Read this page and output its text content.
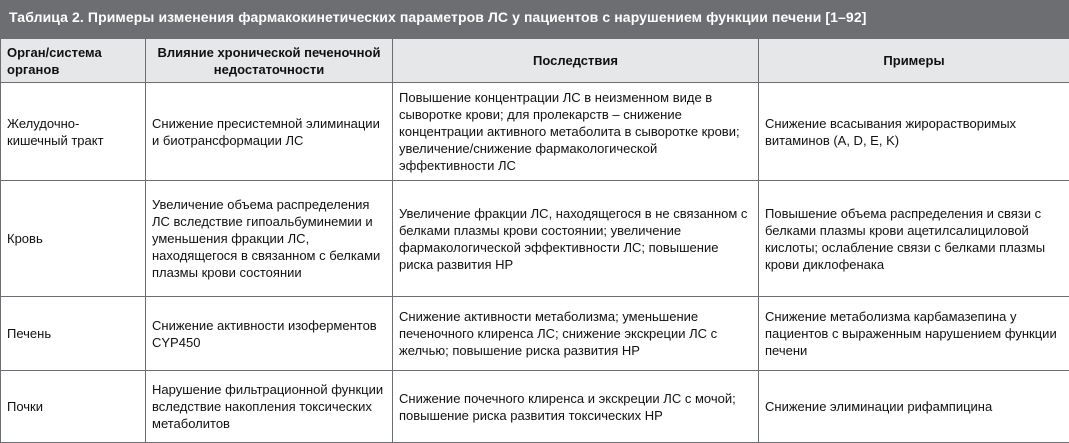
Таблица 2. Примеры изменения фармакокинетических параметров ЛС у пациентов с нарушением функции печени [1–92]
Орган/система органов	Влияние хронической печеночной недостаточности	Последствия	Примеры
Желудочно-кишечный тракт	Снижение пресистемной элиминации и биотрансформации ЛС	Повышение концентрации ЛС в неизменном виде в сыворотке крови; для пролекарств – снижение концентрации активного метаболита в сыворотке крови; увеличение/снижение фармакологической эффективности ЛС	Снижение всасывания жирорастворимых витаминов (A, D, E, K)
Кровь	Увеличение объема распределения ЛС вследствие гипоальбуминемии и уменьшения фракции ЛС, находящегося в связанном с белками плазмы крови состоянии	Увеличение фракции ЛС, находящегося в не связанном с белками плазмы крови состоянии; увеличение фармакологической эффективности ЛС; повышение риска развития НР	Повышение объема распределения и связи с белками плазмы крови ацетилсалициловой кислоты; ослабление связи с белками плазмы крови диклофенака
Печень	Снижение активности изоферментов CYP450	Снижение активности метаболизма; уменьшение печеночного клиренса ЛС; снижение экскреции ЛС с желчью; повышение риска развития НР	Снижение метаболизма карбамазепина у пациентов с выраженным нарушением функции печени
Почки	Нарушение фильтрационной функции вследствие накопления токсических метаболитов	Снижение почечного клиренса и экскреции ЛС с мочой; повышение риска развития токсических НР	Снижение элиминации рифампицина
